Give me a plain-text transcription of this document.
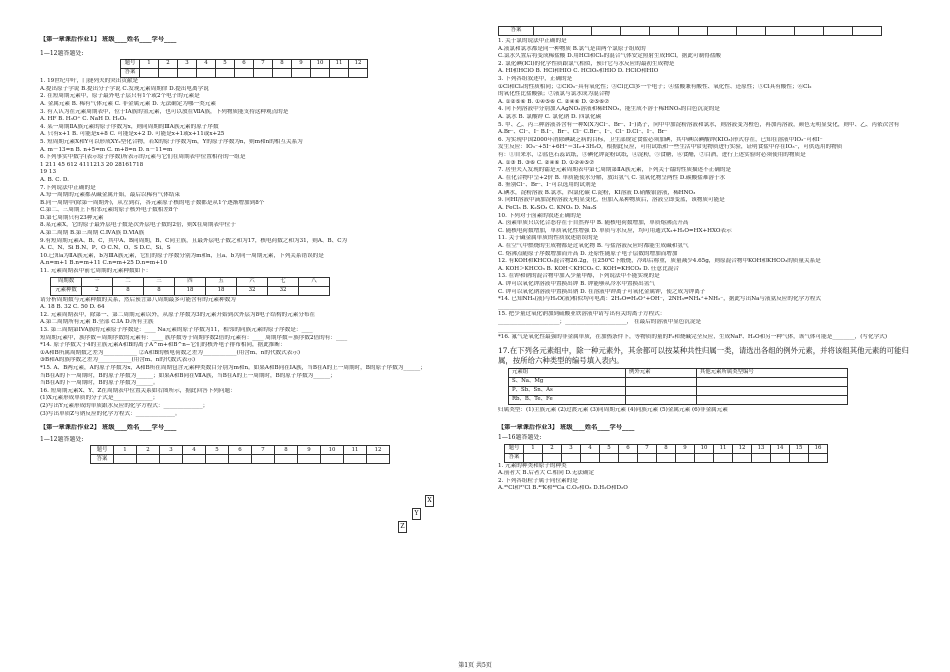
【第一章课后作业1】 班级____姓名____学号____

1—12题答题处:

题号	1	2	3	4	5	6	7	8	9	10	11	12
答案												

1. 19世纪中叶，门捷列夫的突出贡献是

A.提出原子学说 B.提出分子学说 C.发现元素周期律 D.提出电离学说

2. 在短周期元素中，原子最外电子层只有1个或2个电子的元素是

A. 金属元素 B. 稀有气体元素 C. 非金属元素 D. 无法确定为哪一类元素

3. 有人认为在元素周期表中，位于ⅠA族的氢元素，也可以放在ⅦA族，下列物质能支持这种观点的是

A. HF B. H₃O⁺ C. NaH D. H₂O₂

4. 某一周期ⅡA族元素的原子序数为x，则同周期的ⅢA族元素的原子序数

A. 只有x+1 B. 可能是x+8 C. 可能是x+2 D. 可能是x+1或x+11或x+25

5. 短周期元素X和Y可以形成XY₂型化合物，若X的原子序数为m，Y的原子序数为n，则m和n的相互关系为

A. m－13=n B. n+5=m C. m+8=n D. n－11=m

6.下列事实中数字(表示原子序数)所表示的元素与它们在周期表中位置相符的一组是

1 211 45 612 4111213 20 28161718

19 13

A. B. C. D.

7.下列说法中正确的是

A.每一周期的元素都从碱金属开始，最后以稀有气体结束

B.同一周期中(除第一周期外)，从左到右，各元素原子核的电子数都是从1个逐渐增加到8个

C.第二、三周期上下相邻元素的原子核外电子数相差8个

D.第七周期只有23种元素

8.某元素X，它的原子最外层电子数是次外层电子数的2倍，则X在周期表中位于

A.第二周期 B.第三周期 C.ⅣA族 D.ⅥA族

9.有短周期元素A、B、C，其中A、B同周期，B、C同主族，且最外层电子数之和为17，核电荷数之和为31，则A、B、C为

A. C、N、Si B.N、P、O C.N、O、S D.C、Si、S

10.已知a为ⅡA族元素，b为ⅢA族元素，它们的原子序数分别为m和n，且a、b为同一周期元素，下列关系错误的是

A.n=m+1 B.n=m+11 C.n=m+25 D.n=m+10

11. 元素周期表中前七周期的元素种数如下：

周期数	一	二	三	四	五	六	七	八
元素种数	2	8	8	18	18	32	32	

请分析周期数与元素种数的关系，然后预言第八周期最多可能含有的元素种数为

A. 18 B. 32 C. 50 D. 64

12. 元素周期表中，除第一、第二周期元素以外，从原子序数为3的元素开始到次外层为8电子结构的元素分布在

A.第二周期所有元素 B.全部 C.IA D.所有主族

13. 第三周期第IVA族的元素原子序数是：____ Na元素的原子序数为11，相邻的同族元素的原子序数是：____

短周期元素中，族序数＝周期序数的元素有：____ 族序数等于周期序数2倍的元素有：____ 周期序数＝族序数2倍的有：____

*14. 原子序数大于4的主族元素A和B的离子A^m+和B^n−它们的核外电子排布相同，据此推断：

①A和B所属周期数之差为____________ ②A和B的核电荷数之差为____________(用含m、n的代数式表示)

③B和A的族序数之差为____________(用含m、n的代数式表示)

*15. A、B两元素，A的原子序数为x，A和B所在周期包含元素种类数目分别为m和n。如果A和B同在IA族，当B在A的上一周期时，B的原子序数为______；

当B在A的下一周期时，B的原子序数为______；如果A和B同在ⅦA族，当B在A的上一周期时，B的原子序数为______；

当B在A的下一周期时，B的原子序数为______。

16. 短周期元素X、Y、Z在周期表中位置关系如右图所示，据此回答下列问题：

(1)X元素形成单质的分子式是______________；

(2)写出Y元素形成的单质跟水反应的化学方程式：______________；

(3)写出单质Z与钠反应的化学方程式：______________。

【第一章课后作业2】 班级____姓名____学号____

1—12题答题处:

题号	1	2	3	4	5	6	7	8	9	10	11	12
答案												
X
Y
Z
答案												

1. 关于氯的说法中正确的是

A.液氯和氯水都是同一种物质 B.氯气是由两个氯原子组成的

C.氯水久置后将变成稀盐酸 D.用HCl和Cl₂的混合气体安定照射生成HCl，据此可制得盐酸

2. 氯化碘(ICl)的化学性质跟氯气相似，预计它与水反应的最初生成物是

A. HI和HClO B. HCl和HIO C. HClO₃和HIO D. HClO和HIO

3. 下列各组叙述中，正确的是

①Cl和Cl₂的性质相同；②ClO₃⁻具有氧化性；③Cl比Cl多一个电子；④盐酸兼有酸性、氧化性、还原性；⑤Cl具有酸性；⑥Cl₂

的氧化性比盐酸强；⑦液氯与氯水成为混合物

A. ①②⑤⑥ B. ①④⑤⑥ C. ②④⑥ D. ②⑤⑥⑦

4. 向下列溶液中分别加入AgNO₃溶液和稀HNO₃，能生成不溶于稀HNO₃的白色沉淀的是

A. 氯水 B. 氯酸钾 C. 氯化钠 D. 四氯化碳

5. 甲、乙、丙三种溶液各含有一种X(X为Cl⁻、Br⁻、I⁻)离子，向甲中加淀粉溶液和氯水，则溶液变为橙色，再加丙溶液，颜色无明显变化，则甲、乙、丙依次含有

A.Br⁻、Cl⁻、I⁻ B.I⁻、Br⁻、Cl⁻ C.Br⁻、I⁻、Cl⁻ D.Cl⁻、I⁻、Br⁻

6. 为实现中国2000年消除碘缺乏病的目标，卫生部规定食盐必须加碘，其中碘以碘酸钾(KIO₃)形式存在，已知在溶液中IO₃⁻可和I⁻

发生反应：IO₃⁻+5I⁻+6H⁺＝3I₂+3H₂O，根据此反应，可用试纸和一些生活中常见物质进行实验，证明食盐中存在IO₃⁻，可供选用的物质

有：①自来水，②蓝色石蕊试纸，③碘化钾淀粉试纸，④淀粉，⑤食糖，⑥食醋，⑦白酒，进行上述实验时必须使用的物质是

A. ①③ B. ③⑥ C. ②④⑥ D. ①②④⑤⑦

7. 居里夫人发现的镭是元素周期表中第七周期第ⅡA族元素，下列关于镭的性质描述不正确的是

A. 在化合物中呈+2价 B. 单质能使水分解，放出氢气 C. 氢氧化物呈两性 D.碳酸盐难溶于水

8. 鉴别Cl⁻、Br⁻、I⁻可以选用的试剂是

A.碘水，淀粉溶液 B.氯水，四氯化碳 C.淀粉，KI溶液 D.硝酸银溶液，稀HNO₃

9. 向HI溶液中滴加淀粉溶液无明显变化，但加入某种物质后，溶液立即变蓝，该物质可能是

A. FeCl₃ B. K₂SO₃ C. KNO₃ D. Na₂S

10. 下列对于卤素的叙述正确的是

A. 卤素单质只以化合态存在于自然界中 B. 随核电荷数增加，单质熔沸点升高

C. 随核电荷数增加，单质氧化性增强 D. 单质与水反应，均可用通式X₂+H₂O=HX+HXO表示

11. 关于碱金属单质的性质叙述错误的是

A. 在空气中燃烧的生成物都是过氧化物 B. 与盐溶液反应时都能生成碱和氢气

C. 熔沸点随原子序数增加而升高 D. 还原性随原子电子层数的增加而增加

12. 有KOH和KHCO₃混合物26.2g，在250℃下煅烧，冷却后称重，质量减少4.65g，则原混合物中KOH和KHCO₃的质量关系是

A. KOH＞KHCO₃ B. KOH＜KHCO₃ C. KOH=KHCO₃ D. 任意比混合

13. 在钾和钠的混合物中加入少量甲醇，下列说法中不能实现的是

A. 钾可以氧化钾溶液中置换出钾 B. 钾能够从冷水中置换出氢气

C. 钾可以氧化钠溶液中置换出钠 D. 在溶液中钾离子可氧化金属钾，使之成为钾离子

*14. 已知NH₃(液)与H₂O(液)相似均可电离：2H₂O⇌H₃O⁺+OH⁻，2NH₃⇌NH₄⁺+NH₂⁻，据此写出Na与液氨反应的化学方程式

________________________________________

15. 把少量过氧化钠加到硫酸亚铁溶液中请写出有关的离子方程式：

______________________；______________________， 在最后的溶液中显色沉淀是

____________________

*16. 氟气是氧化性最强的非金属单质，在加热条件下，等物质的量的F₂和烧碱完全反应，生成NaF、H₂O和另一种气体，该气体可能是________，(写化学式)

17.在下列各元素组中，除一种元素外，其余都可以按某种共性归属一类，请选出各组的例外元素，并将该组其他元素的可能归属，按所给六种类型的编号填入表内。

元素组	例外元素	其他元素所属类型编号
S、Na、Mg		
P、Sb、Sn、As		
Rb、B、Te、Fe		

归属类型：(1)主族元素 (2)过渡元素 (3)同周期元素 (4)同族元素 (5)金属元素 (6)非金属元素

【第一章课后作业3】 班级____姓名____学号____

1—16题答题处:

题号	1	2	3	4	5	6	7	8	9	10	11	12	13	14	15	16
答案																

1. 元素的种类和原子的种类

A.前者大 B.后者大 C.相同 D.无法确定

2. 下列各组粒子属于同位素的是

A.³⁵Cl和³⁷Cl B.⁴⁰K和⁴⁰Ca C.O₂和O₃ D.H₂O和D₂O

第1页 共5页
